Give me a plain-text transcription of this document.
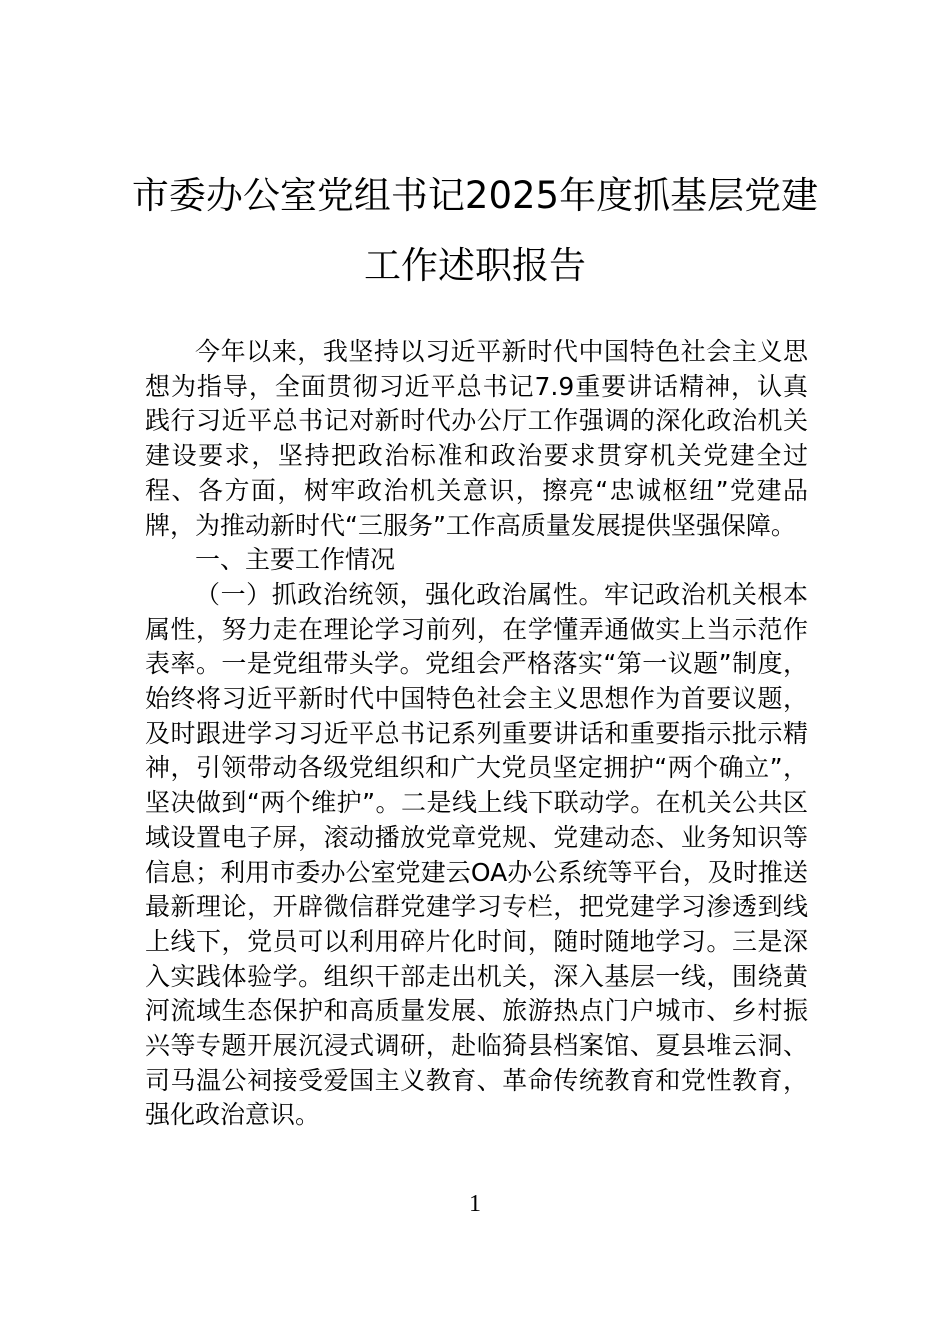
市委办公室党组书记2025年度抓基层党建
工作述职报告

今年以来，我坚持以习近平新时代中国特色社会主义思想为指导，全面贯彻习近平总书记7.9重要讲话精神，认真践行习近平总书记对新时代办公厅工作强调的深化政治机关建设要求，坚持把政治标准和政治要求贯穿机关党建全过程、各方面，树牢政治机关意识，擦亮“忠诚枢纽”党建品牌，为推动新时代“三服务”工作高质量发展提供坚强保障。

一、主要工作情况

（一）抓政治统领，强化政治属性。牢记政治机关根本属性，努力走在理论学习前列，在学懂弄通做实上当示范作表率。一是党组带头学。党组会严格落实“第一议题”制度，始终将习近平新时代中国特色社会主义思想作为首要议题，及时跟进学习习近平总书记系列重要讲话和重要指示批示精神，引领带动各级党组织和广大党员坚定拥护“两个确立”，坚决做到“两个维护”。二是线上线下联动学。在机关公共区域设置电子屏，滚动播放党章党规、党建动态、业务知识等信息；利用市委办公室党建云OA办公系统等平台，及时推送最新理论，开辟微信群党建学习专栏，把党建学习渗透到线上线下，党员可以利用碎片化时间，随时随地学习。三是深入实践体验学。组织干部走出机关，深入基层一线，围绕黄河流域生态保护和高质量发展、旅游热点门户城市、乡村振兴等专题开展沉浸式调研，赴临猗县档案馆、夏县堆云洞、司马温公祠接受爱国主义教育、革命传统教育和党性教育，强化政治意识。

1
